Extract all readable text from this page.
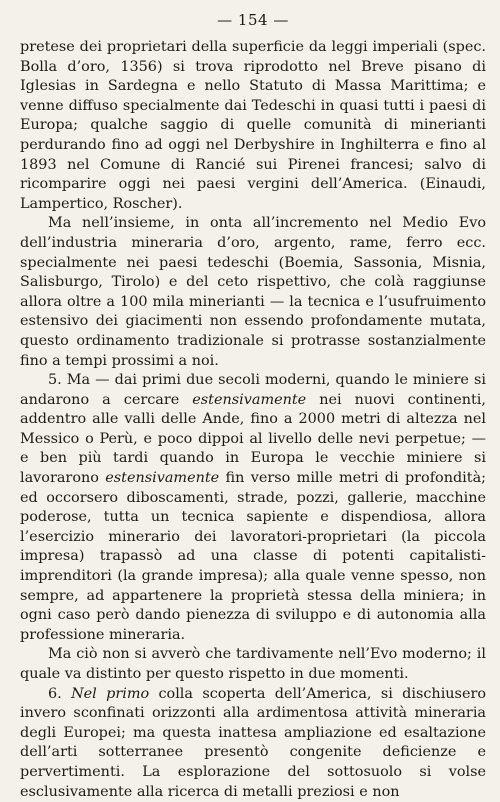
— 154 —

pretese dei proprietari della superficie da leggi imperiali (spec. Bolla d’oro, 1356) si trova riprodotto nel Breve pisano di Iglesias in Sardegna e nello Statuto di Massa Marittima; e venne diffuso specialmente dai Tedeschi in quasi tutti i paesi di Europa; qualche saggio di quelle comunità di minerianti perdurando fino ad oggi nel Derbyshire in Inghilterra e fino al 1893 nel Comune di Rancié sui Pirenei francesi; salvo di ricomparire oggi nei paesi vergini dell’America. (Einaudi, Lampertico, Roscher).

Ma nell’insieme, in onta all’incremento nel Medio Evo dell’industria mineraria d’oro, argento, rame, ferro ecc. specialmente nei paesi tedeschi (Boemia, Sassonia, Misnia, Salisburgo, Tirolo) e del ceto rispettivo, che colà raggiunse allora oltre a 100 mila minerianti — la tecnica e l’usufruimento estensivo dei giacimenti non essendo profondamente mutata, questo ordinamento tradizionale si protrasse sostanzialmente fino a tempi prossimi a noi.

5. Ma — dai primi due secoli moderni, quando le miniere si andarono a cercare estensivamente nei nuovi continenti, addentro alle valli delle Ande, fino a 2000 metri di altezza nel Messico o Perù, e poco dippoi al livello delle nevi perpetue; — e ben più tardi quando in Europa le vecchie miniere si lavorarono estensivamente fin verso mille metri di profondità; ed occorsero diboscamenti, strade, pozzi, gallerie, macchine poderose, tutta un tecnica sapiente e dispendiosa, allora l’esercizio minerario dei lavoratori-proprietari (la piccola impresa) trapassò ad una classe di potenti capitalisti-imprenditori (la grande impresa); alla quale venne spesso, non sempre, ad appartenere la proprietà stessa della miniera; in ogni caso però dando pienezza di sviluppo e di autonomia alla professione mineraria.

Ma ciò non si avverò che tardivamente nell’Evo moderno; il quale va distinto per questo rispetto in due momenti.

6. Nel primo colla scoperta dell’America, si dischiusero invero sconfinati orizzonti alla ardimentosa attività mineraria degli Europei; ma questa inattesa ampliazione ed esaltazione dell’arti sotterranee presentò congenite deficienze e pervertimenti. La esplorazione del sottosuolo si volse esclusivamente alla ricerca di metalli preziosi e non
